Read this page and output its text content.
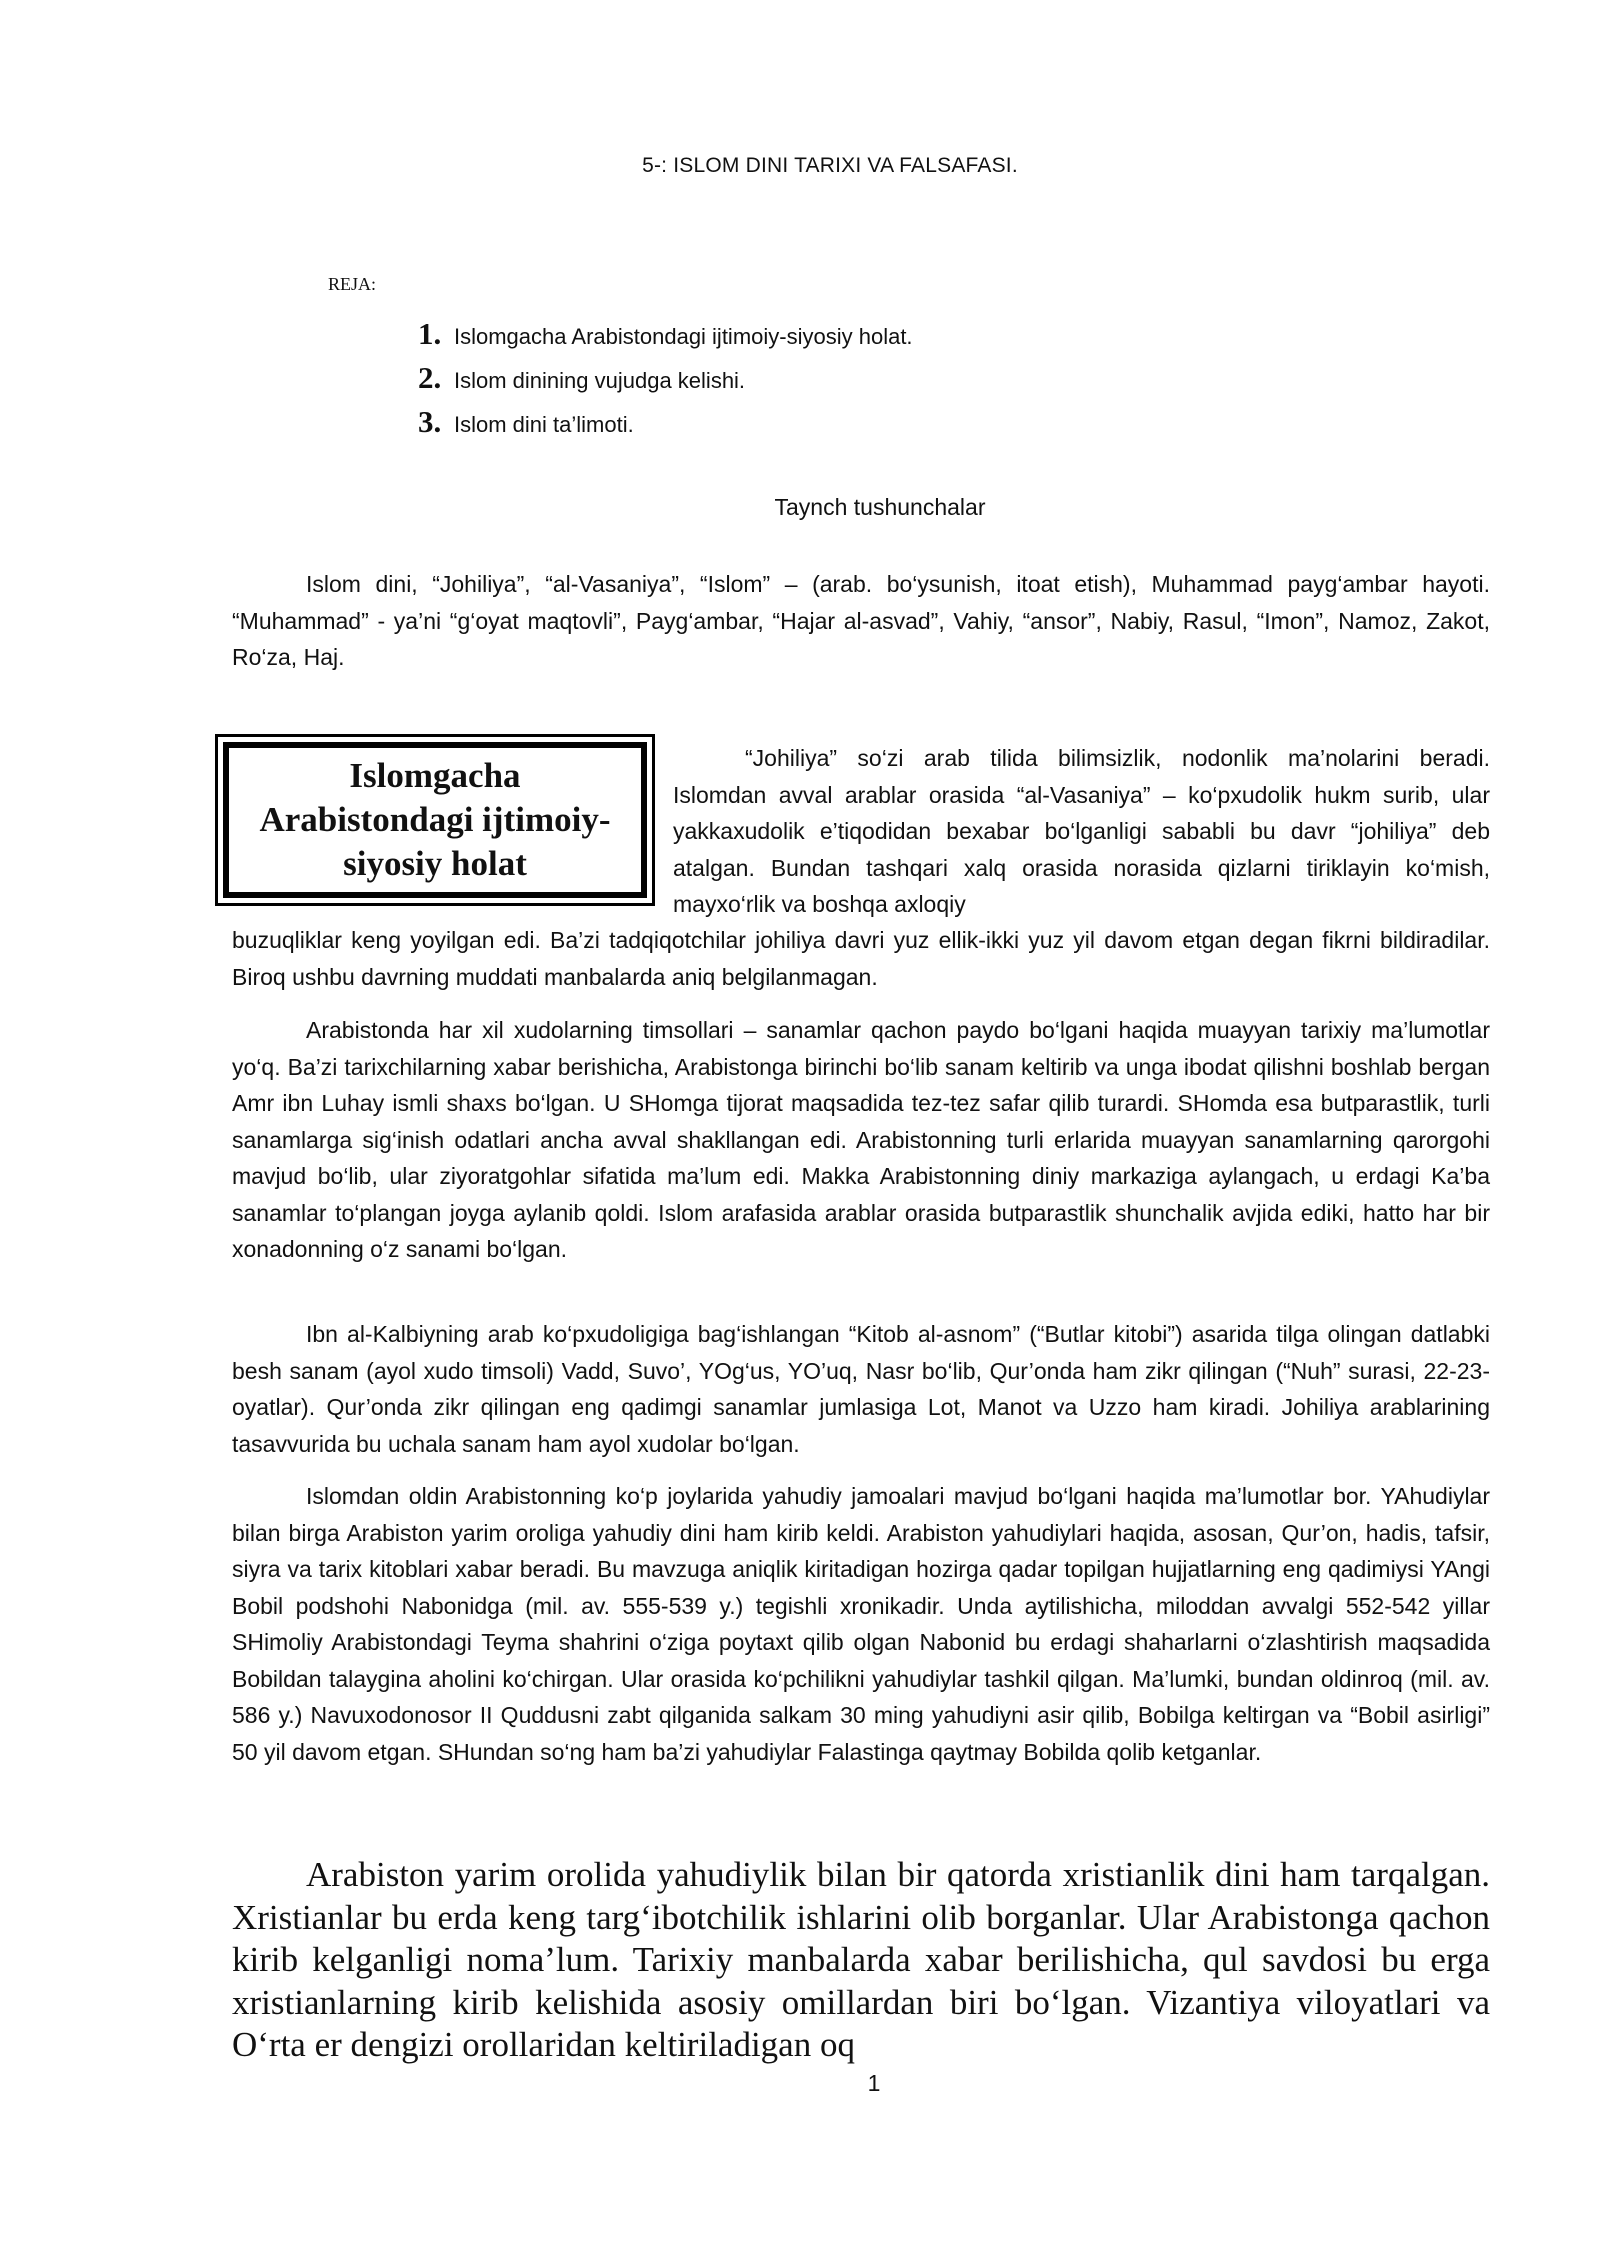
5-: ISLOM DINI TARIXI VA FALSAFASI.
REJA:
1. Islomgacha Arabistondagi ijtimoiy-siyosiy holat.
2. Islom dinining vujudga kelishi.
3. Islom dini ta’limoti.
Taynch tushunchalar

Islom dini, “Johiliya”, “al-Vasaniya”, “Islom” – (arab. bo‘ysunish, itoat etish), Muhammad payg‘ambar hayoti. “Muhammad” - ya’ni “g‘oyat maqtovli”, Payg‘ambar, “Hajar al-asvad”, Vahiy, “ansor”, Nabiy, Rasul, “Imon”, Namoz, Zakot, Ro‘za, Haj.

Islomgacha
Arabistondagi ijtimoiy-
siyosiy holat

“Johiliya” so‘zi arab tilida bilimsizlik, nodonlik ma’nolarini beradi. Islomdan avval arablar orasida “al-Vasaniya” – ko‘pxudolik hukm surib, ular yakkaxudolik e’tiqodidan bexabar bo‘lganligi sababli bu davr “johiliya” deb atalgan. Bundan tashqari xalq orasida norasida qizlarni tiriklayin ko‘mish, mayxo‘rlik va boshqa axloqiy

buzuqliklar keng yoyilgan edi. Ba’zi tadqiqotchilar johiliya davri yuz ellik-ikki yuz yil davom etgan degan fikrni bildiradilar. Biroq ushbu davrning muddati manbalarda aniq belgilanmagan.

Arabistonda har xil xudolarning timsollari – sanamlar qachon paydo bo‘lgani haqida muayyan tarixiy ma’lumotlar yo‘q. Ba’zi tarixchilarning xabar berishicha, Arabistonga birinchi bo‘lib sanam keltirib va unga ibodat qilishni boshlab bergan Amr ibn Luhay ismli shaxs bo‘lgan. U SHomga tijorat maqsadida tez-tez safar qilib turardi. SHomda esa butparastlik, turli sanamlarga sig‘inish odatlari ancha avval shakllangan edi. Arabistonning turli erlarida muayyan sanamlarning qarorgohi mavjud bo‘lib, ular ziyoratgohlar sifatida ma’lum edi. Makka Arabistonning diniy markaziga aylangach, u erdagi Ka’ba sanamlar to‘plangan joyga aylanib qoldi. Islom arafasida arablar orasida butparastlik shunchalik avjida ediki, hatto har bir xonadonning o‘z sanami bo‘lgan.

Ibn al-Kalbiyning arab ko‘pxudoligiga bag‘ishlangan “Kitob al-asnom” (“Butlar kitobi”) asarida tilga olingan datlabki besh sanam (ayol xudo timsoli) Vadd, Suvo’, YOg‘us, YO’uq, Nasr bo‘lib, Qur’onda ham zikr qilingan (“Nuh” surasi, 22-23-oyatlar). Qur’onda zikr qilingan eng qadimgi sanamlar jumlasiga Lot, Manot va Uzzo ham kiradi. Johiliya arablarining tasavvurida bu uchala sanam ham ayol xudolar bo‘lgan.

Islomdan oldin Arabistonning ko‘p joylarida yahudiy jamoalari mavjud bo‘lgani haqida ma’lumotlar bor. YAhudiylar bilan birga Arabiston yarim oroliga yahudiy dini ham kirib keldi. Arabiston yahudiylari haqida, asosan, Qur’on, hadis, tafsir, siyra va tarix kitoblari xabar beradi. Bu mavzuga aniqlik kiritadigan hozirga qadar topilgan hujjatlarning eng qadimiysi YAngi Bobil podshohi Nabonidga (mil. av. 555-539 y.) tegishli xronikadir. Unda aytilishicha, miloddan avvalgi 552-542 yillar SHimoliy Arabistondagi Teyma shahrini o‘ziga poytaxt qilib olgan Nabonid bu erdagi shaharlarni o‘zlashtirish maqsadida Bobildan talaygina aholini ko‘chirgan. Ular orasida ko‘pchilikni yahudiylar tashkil qilgan. Ma’lumki, bundan oldinroq (mil. av. 586 y.) Navuxodonosor II Quddusni zabt qilganida salkam 30 ming yahudiyni asir qilib, Bobilga keltirgan va “Bobil asirligi” 50 yil davom etgan. SHundan so‘ng ham ba’zi yahudiylar Falastinga qaytmay Bobilda qolib ketganlar.

Arabiston yarim orolida yahudiylik bilan bir qatorda xristianlik dini ham tarqalgan. Xristianlar bu erda keng targ‘ibotchilik ishlarini olib borganlar. Ular Arabistonga qachon kirib kelganligi noma’lum. Tarixiy manbalarda xabar berilishicha, qul savdosi bu erga xristianlarning kirib kelishida asosiy omillardan biri bo‘lgan. Vizantiya viloyatlari va O‘rta er dengizi orollaridan keltiriladigan oq

1
